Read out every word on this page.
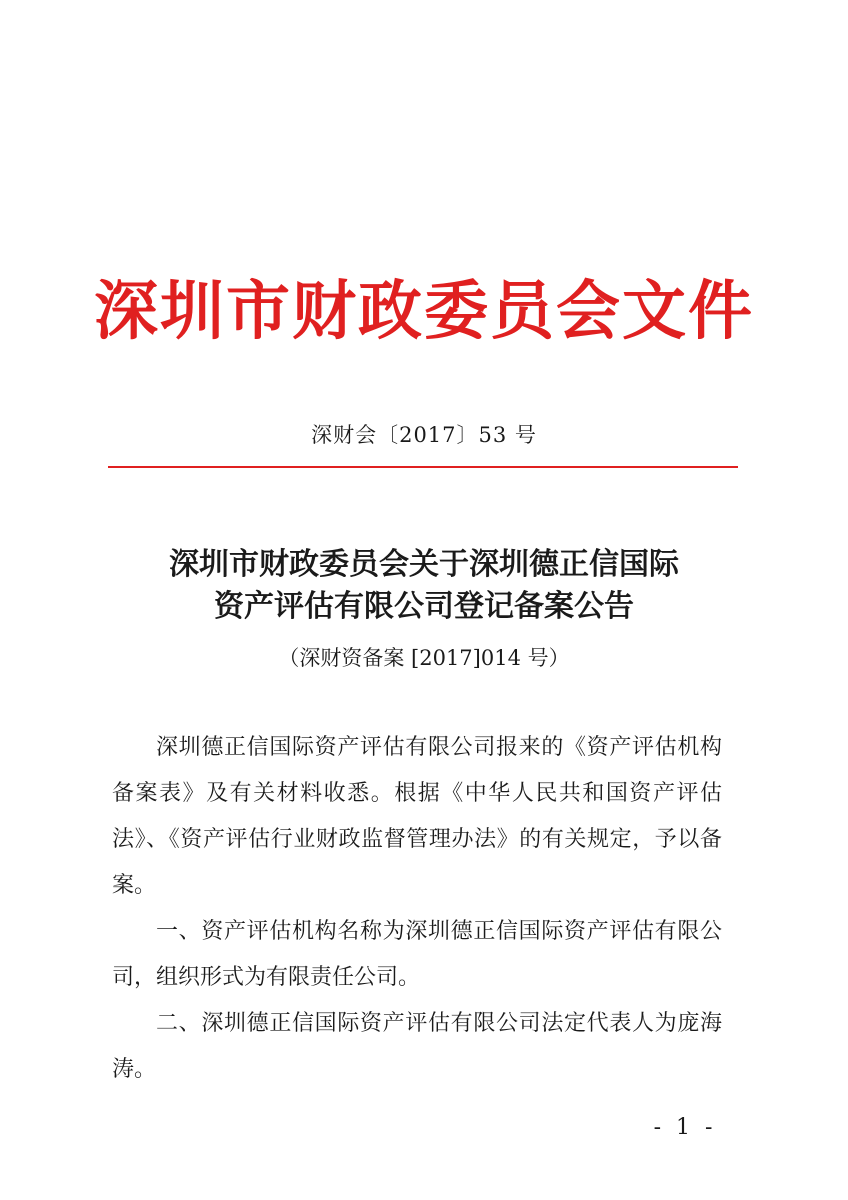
深圳市财政委员会文件
深财会〔2017〕53 号
深圳市财政委员会关于深圳德正信国际
资产评估有限公司登记备案公告
（深财资备案 [2017]014 号）

深圳德正信国际资产评估有限公司报来的《资产评估机构备案表》及有关材料收悉。根据《中华人民共和国资产评估法》、《资产评估行业财政监督管理办法》的有关规定，予以备案。

一、资产评估机构名称为深圳德正信国际资产评估有限公司，组织形式为有限责任公司。

二、深圳德正信国际资产评估有限公司法定代表人为庞海涛。

- 1 -
